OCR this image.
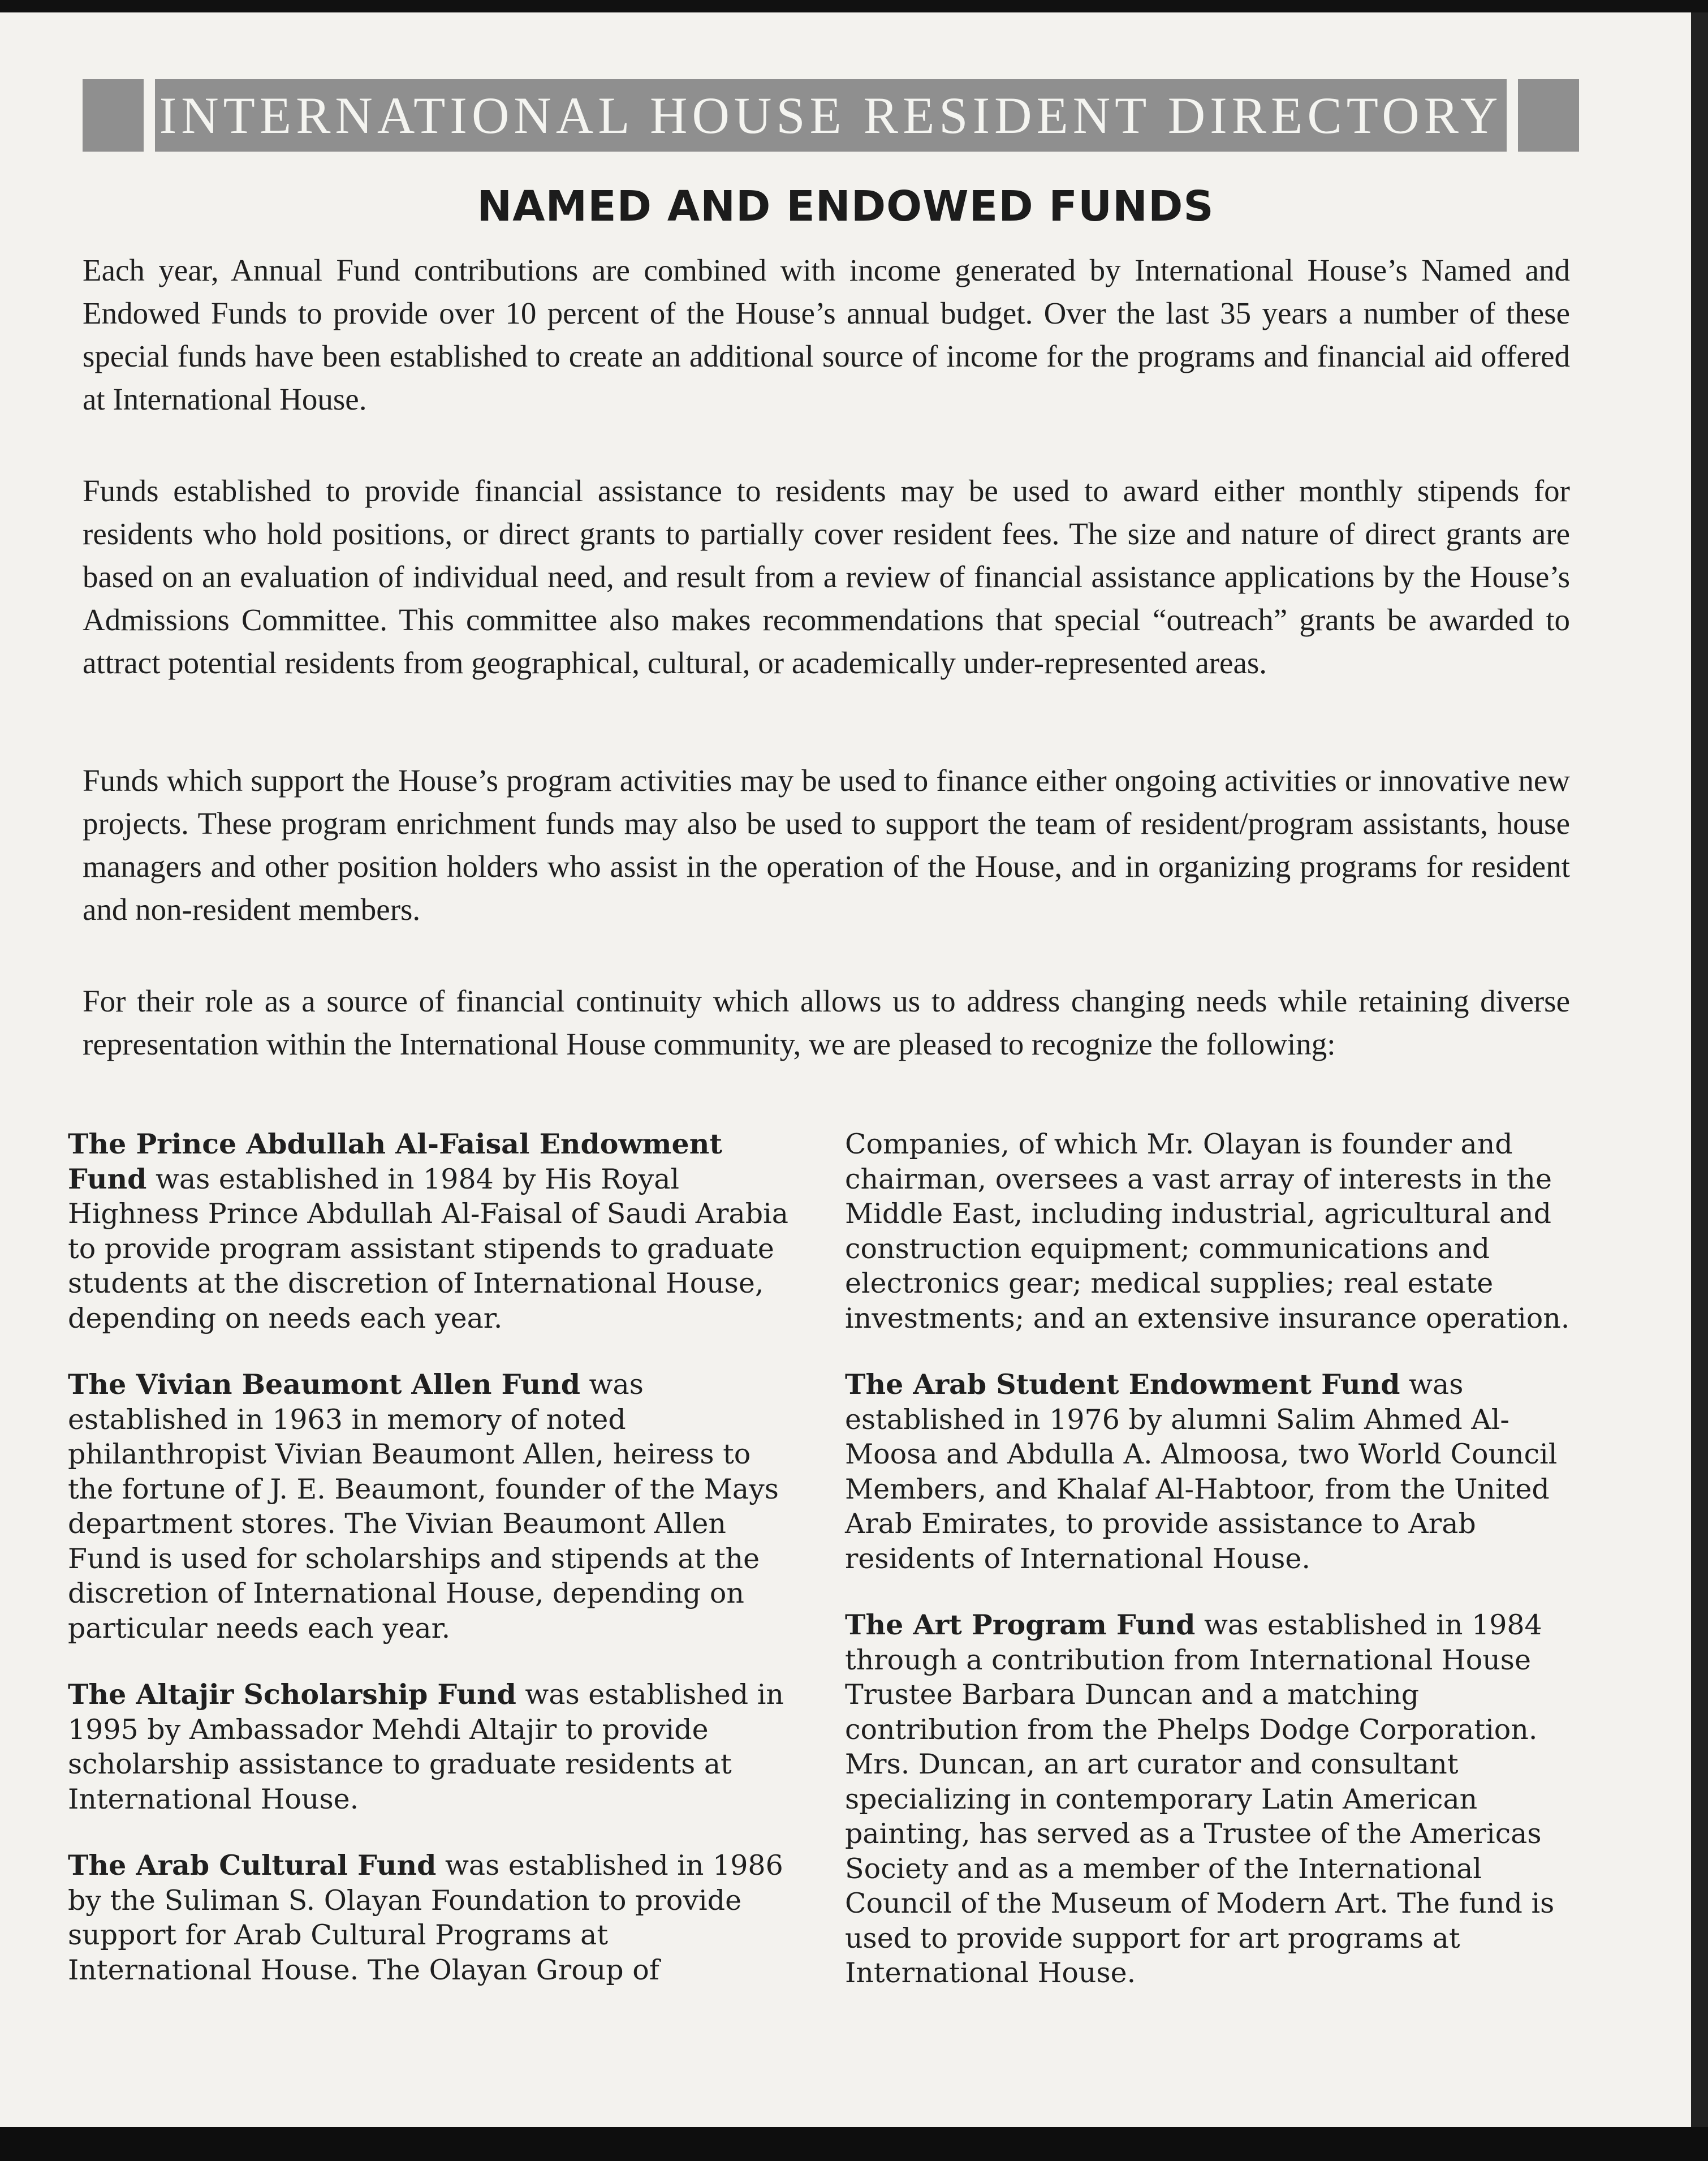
INTERNATIONAL HOUSE RESIDENT DIRECTORY
NAMED AND ENDOWED FUNDS

Each year, Annual Fund contributions are combined with income generated by International House’s Named and Endowed Funds to provide over 10 percent of the House’s annual budget. Over the last 35 years a number of these special funds have been established to create an additional source of income for the programs and financial aid offered at International House.

Funds established to provide financial assistance to residents may be used to award either monthly stipends for residents who hold positions, or direct grants to partially cover resident fees. The size and nature of direct grants are based on an evaluation of individual need, and result from a review of financial assistance applications by the House’s Admissions Committee. This committee also makes recommendations that special “outreach” grants be awarded to attract potential residents from geographical, cultural, or academically under-represented areas.

Funds which support the House’s program activities may be used to finance either ongoing activities or innovative new projects. These program enrichment funds may also be used to support the team of resident/program assistants, house managers and other position holders who assist in the operation of the House, and in organizing programs for resident and non-resident members.

For their role as a source of financial continuity which allows us to address changing needs while retaining diverse representation within the International House community, we are pleased to recognize the following:

The Prince Abdullah Al-Faisal Endowment Fund was established in 1984 by His Royal Highness Prince Abdullah Al-Faisal of Saudi Arabia to provide program assistant stipends to graduate students at the discretion of International House, depending on needs each year.

The Vivian Beaumont Allen Fund was established in 1963 in memory of noted philanthropist Vivian Beaumont Allen, heiress to the fortune of J. E. Beaumont, founder of the Mays department stores. The Vivian Beaumont Allen Fund is used for scholarships and stipends at the discretion of International House, depending on particular needs each year.

The Altajir Scholarship Fund was established in 1995 by Ambassador Mehdi Altajir to provide scholarship assistance to graduate residents at International House.

The Arab Cultural Fund was established in 1986 by the Suliman S. Olayan Foundation to provide support for Arab Cultural Programs at International House. The Olayan Group of

Companies, of which Mr. Olayan is founder and chairman, oversees a vast array of interests in the Middle East, including industrial, agricultural and construction equipment; communications and electronics gear; medical supplies; real estate investments; and an extensive insurance operation.

The Arab Student Endowment Fund was established in 1976 by alumni Salim Ahmed Al-Moosa and Abdulla A. Almoosa, two World Council Members, and Khalaf Al-Habtoor, from the United Arab Emirates, to provide assistance to Arab residents of International House.

The Art Program Fund was established in 1984 through a contribution from International House Trustee Barbara Duncan and a matching contribution from the Phelps Dodge Corporation. Mrs. Duncan, an art curator and consultant specializing in contemporary Latin American painting, has served as a Trustee of the Americas Society and as a member of the International Council of the Museum of Modern Art. The fund is used to provide support for art programs at International House.
